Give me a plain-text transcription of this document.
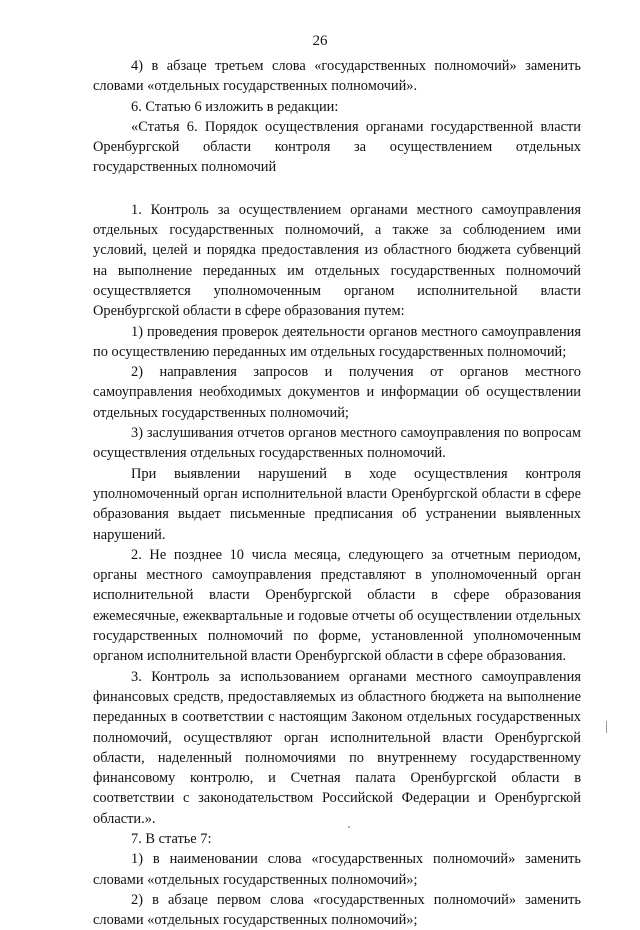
26

4) в абзаце третьем слова «государственных полномочий» заменить словами «отдельных государственных полномочий».

6. Статью 6 изложить в редакции:

«Статья 6. Порядок осуществления органами государственной власти Оренбургской области контроля за осуществлением отдельных государственных полномочий

1. Контроль за осуществлением органами местного самоуправления отдельных государственных полномочий, а также за соблюдением ими условий, целей и порядка предоставления из областного бюджета субвенций на выполнение переданных им отдельных государственных полномочий осуществляется уполномоченным органом исполнительной власти Оренбургской области в сфере образования путем:

1) проведения проверок деятельности органов местного самоуправления по осуществлению переданных им отдельных государственных полномочий;

2) направления запросов и получения от органов местного самоуправления необходимых документов и информации об осуществлении отдельных государственных полномочий;

3) заслушивания отчетов органов местного самоуправления по вопросам осуществления отдельных государственных полномочий.

При выявлении нарушений в ходе осуществления контроля уполномоченный орган исполнительной власти Оренбургской области в сфере образования выдает письменные предписания об устранении выявленных нарушений.

2. Не позднее 10 числа месяца, следующего за отчетным периодом, органы местного самоуправления представляют в уполномоченный орган исполнительной власти Оренбургской области в сфере образования ежемесячные, ежеквартальные и годовые отчеты об осуществлении отдельных государственных полномочий по форме, установленной уполномоченным органом исполнительной власти Оренбургской области в сфере образования.

3. Контроль за использованием органами местного самоуправления финансовых средств, предоставляемых из областного бюджета на выполнение переданных в соответствии с настоящим Законом отдельных государственных полномочий, осуществляют орган исполнительной власти Оренбургской области, наделенный полномочиями по внутреннему государственному финансовому контролю, и Счетная палата Оренбургской области в соответствии с законодательством Российской Федерации и Оренбургской области.».

7. В статье 7:

1) в наименовании слова «государственных полномочий» заменить словами «отдельных государственных полномочий»;

2) в абзаце первом слова «государственных полномочий» заменить словами «отдельных государственных полномочий»;
